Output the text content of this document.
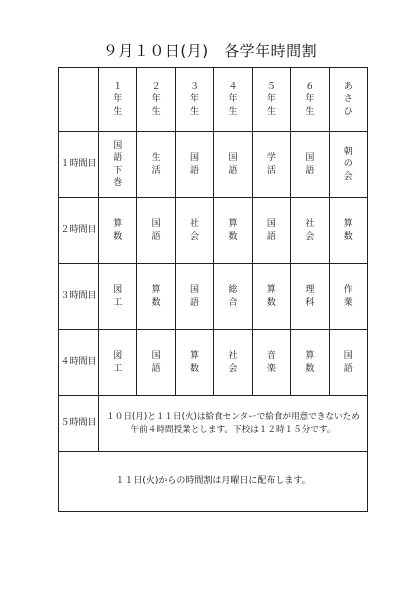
９月１０日(月)　各学年時間割

	１
年
生	２
年
生	３
年
生	４
年
生	５
年
生	６
年
生	あ
さ
ひ

１時間目	国
語
下
巻	生
活	国
語	国
語	学
活	国
語	朝
の
会

２時間目	算
数	国
語	社
会	算
数	国
語	社
会	算
数

３時間目	図
工	算
数	国
語	総
合	算
数	理
科	作
業

４時間目	図
工	国
語	算
数	社
会	音
楽	算
数	国
語

５時間目	１０日(月)と１１日(火)は給食センターで給食が用意できないため
午前４時間授業とします。下校は１２時１５分です。						

１１日(火)からの時間割は月曜日に配布します。							
